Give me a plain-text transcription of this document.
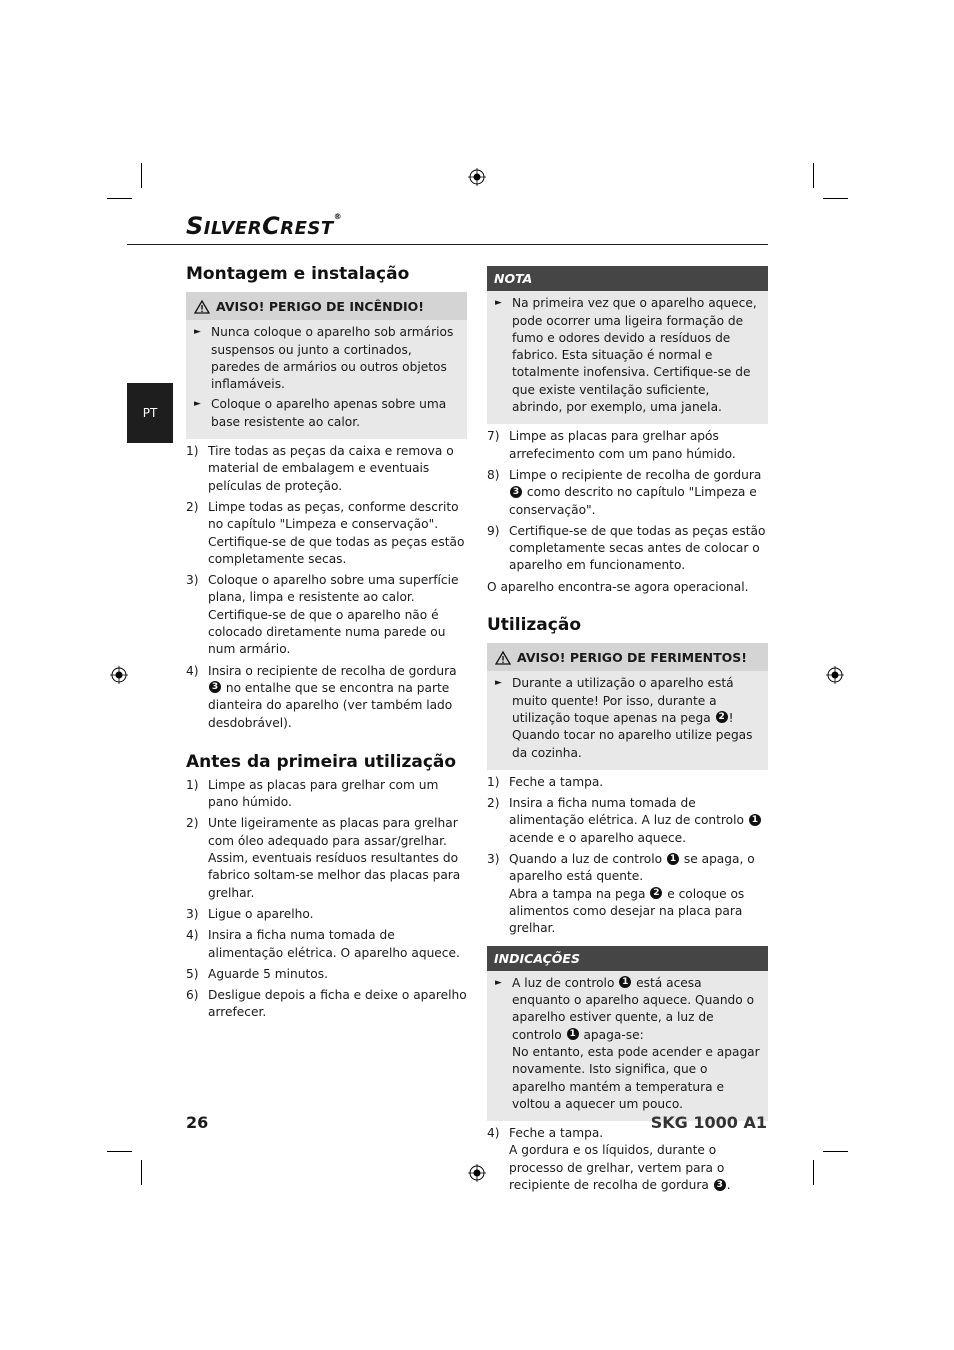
SILVERCREST®
PT
Montagem e instalação
AVISO! PERIGO DE INCÊNDIO!
► Nunca coloque o aparelho sob armários suspensos ou junto a cortinados, paredes de armários ou outros objetos inflamáveis.
► Coloque o aparelho apenas sobre uma base resistente ao calor.
1) Tire todas as peças da caixa e remova o material de embalagem e eventuais películas de proteção.
2) Limpe todas as peças, conforme descrito no capítulo "Limpeza e conservação". Certifique-se de que todas as peças estão completamente secas.
3) Coloque o aparelho sobre uma superfície plana, limpa e resistente ao calor. Certifique-se de que o aparelho não é colocado diretamente numa parede ou num armário.
4) Insira o recipiente de recolha de gordura 3 no entalhe que se encontra na parte dianteira do aparelho (ver também lado desdobrável).
Antes da primeira utilização
1) Limpe as placas para grelhar com um pano húmido.
2) Unte ligeiramente as placas para grelhar com óleo adequado para assar/grelhar. Assim, eventuais resíduos resultantes do fabrico soltam-se melhor das placas para grelhar.
3) Ligue o aparelho.
4) Insira a ficha numa tomada de alimentação elétrica. O aparelho aquece.
5) Aguarde 5 minutos.
6) Desligue depois a ficha e deixe o aparelho arrefecer.
NOTA
► Na primeira vez que o aparelho aquece, pode ocorrer uma ligeira formação de fumo e odores devido a resíduos de fabrico. Esta situação é normal e totalmente inofensiva. Certifique-se de que existe ventilação suficiente, abrindo, por exemplo, uma janela.
7) Limpe as placas para grelhar após arrefecimento com um pano húmido.
8) Limpe o recipiente de recolha de gordura 3 como descrito no capítulo "Limpeza e conservação".
9) Certifique-se de que todas as peças estão completamente secas antes de colocar o aparelho em funcionamento.
O aparelho encontra-se agora operacional.
Utilização
AVISO! PERIGO DE FERIMENTOS!
► Durante a utilização o aparelho está muito quente! Por isso, durante a utilização toque apenas na pega 2 ! Quando tocar no aparelho utilize pegas da cozinha.
1) Feche a tampa.
2) Insira a ficha numa tomada de alimentação elétrica. A luz de controlo 1 acende e o aparelho aquece.
3) Quando a luz de controlo 1 se apaga, o aparelho está quente.
Abra a tampa na pega 2 e coloque os alimentos como desejar na placa para grelhar.
INDICAÇÕES
► A luz de controlo 1 está acesa enquanto o aparelho aquece. Quando o aparelho estiver quente, a luz de controlo 1 apaga-se:
No entanto, esta pode acender e apagar novamente. Isto significa, que o aparelho mantém a temperatura e voltou a aquecer um pouco.
4) Feche a tampa.
A gordura e os líquidos, durante o processo de grelhar, vertem para o recipiente de recolha de gordura 3 .
26	SKG 1000 A1
